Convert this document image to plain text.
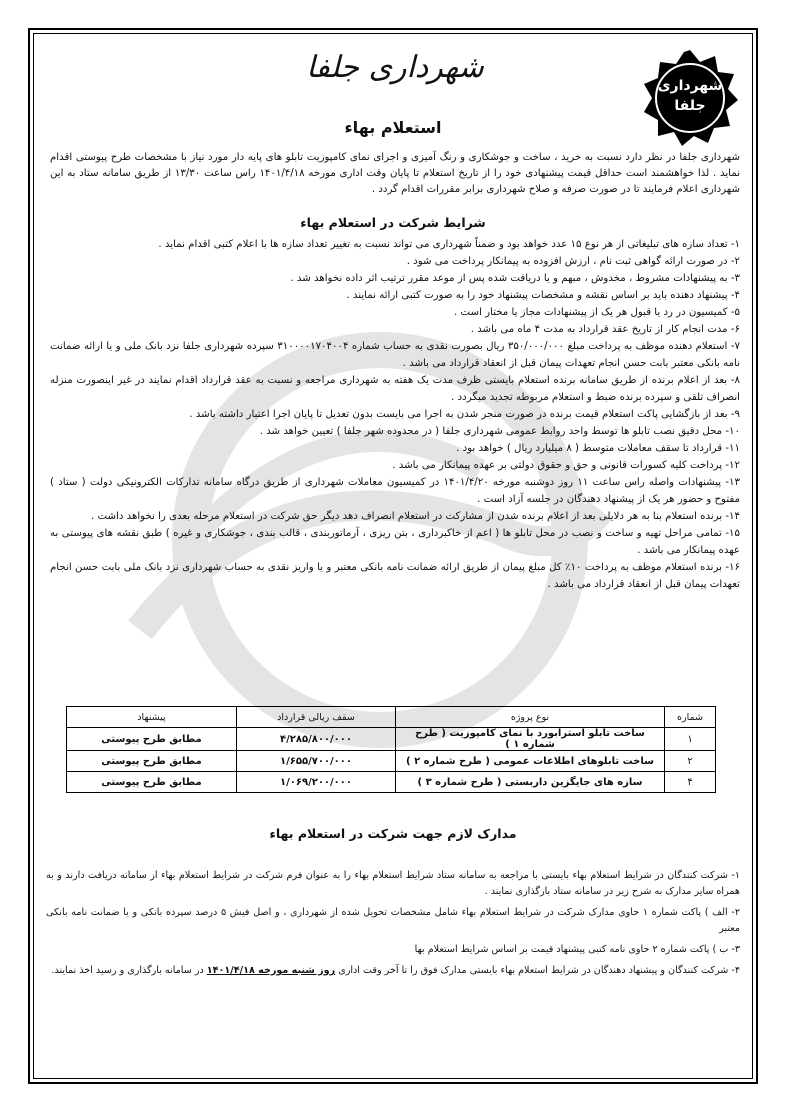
شهرداری
جلفا
شهرداری جلفا
استعلام بهاء
شهرداری جلفا در نظر دارد نسبت به خرید ، ساخت و جوشکاری و رنگ آمیزی و اجرای نمای کامپوزیت تابلو های پایه دار مورد نیاز با مشخصات طرح پیوستی اقدام نماید . لذا خواهشمند است حداقل قیمت پیشنهادی خود را از تاریخ استعلام تا پایان وقت اداری مورخه ۱۴۰۱/۴/۱۸ راس ساعت ۱۳/۳۰ از طریق سامانه ستاد به این شهرداری اعلام فرمایند تا در صورت صرفه و صلاح شهرداری برابر مقررات اقدام گردد .
شرایط شرکت در استعلام بهاء

۱- تعداد سازه های تبلیغاتی از هر نوع ۱۵ عدد خواهد بود و ضمناً شهرداری می تواند نسبت به تغییر تعداد سازه ها با اعلام کتبی اقدام نماید .

۲- در صورت ارائه گواهی ثبت نام ، ارزش افزوده به پیمانکار پرداخت می شود .

۳- به پیشنهادات مشروط ، مخدوش ، مبهم و یا دریافت شده پس از موعد مقرر ترتیب اثر داده نخواهد شد .

۴- پیشنهاد دهنده باید بر اساس نقشه و مشخصات پیشنهاد خود را به صورت کتبی ارائه نمایند .

۵- کمیسیون در رد یا قبول هر یک از پیشنهادات مجاز یا مختار است .

۶- مدت انجام کار از تاریخ عقد قرارداد به مدت ۴ ماه می باشد .

۷- استعلام دهنده موظف به پرداخت مبلغ ۳۵۰/۰۰۰/۰۰۰ ریال بصورت نقدی به حساب شماره ۳۱۰۰۰۰۱۷۰۴۰۰۴ سپرده شهرداری جلفا نزد بانک ملی و یا ارائه ضمانت نامه بانکی معتبر بابت حسن انجام تعهدات پیمان قبل از انعقاد قرارداد می باشد .

۸- بعد از اعلام برنده از طریق سامانه برنده استعلام بایستی ظرف مدت یک هفته به شهرداری مراجعه و نسبت به عقد قرارداد اقدام نمایند در غیر اینصورت منزله انصراف تلقی و سپرده برنده ضبط و استعلام مربوطه تجدید میگردد .

۹- بعد از بازگشایی پاکت استعلام قیمت برنده در صورت منجر شدن به اجرا می بایست بدون تعدیل تا پایان اجرا اعتبار داشته باشد .

۱۰- محل دقیق نصب تابلو ها توسط واحد روابط عمومی شهرداری جلفا ( در محدوده شهر جلفا ) تعیین خواهد شد .

۱۱- قرارداد تا سقف معاملات متوسط ( ۸ میلیارد ریال ) خواهد بود .

۱۲- پرداخت کلیه کسورات قانونی و حق و حقوق دولتی بر عهده پیمانکار می باشد .

۱۳- پیشنهادات واصله راس ساعت ۱۱ روز دوشنبه مورخه ۱۴۰۱/۴/۲۰ در کمیسیون معاملات شهرداری از طریق درگاه سامانه تدارکات الکترونیکی دولت ( ستاد ) مفتوح و حضور هر یک از پیشنهاد دهندگان در جلسه آزاد است .

۱۴- برنده استعلام بنا به هر دلایلی بعد از اعلام برنده شدن از مشارکت در استعلام انصراف دهد دیگر حق شرکت در استعلام مرحله بعدی را نخواهد داشت .

۱۵- تمامی مراحل تهیه و ساخت و نصب در محل تابلو ها ( اعم از خاکبرداری ، بتن ریزی ، آرماتوربندی ، قالب بندی ، جوشکاری و غیره ) طبق نقشه های پیوستی به عهده پیمانکار می باشد .

۱۶- برنده استعلام موظف به پرداخت ۱۰٪ کل مبلغ پیمان از طریق ارائه ضمانت نامه بانکی معتبر و یا واریز نقدی به حساب شهرداری نزد بانک ملی بابت حسن انجام تعهدات پیمان قبل از انعقاد قرارداد می باشد .

شماره	نوع پروژه	سقف ریالی قرارداد	پیشنهاد
۱	ساخت تابلو استرابورد با نمای کامپوزیت ( طرح شماره ۱ )	۴/۲۸۵/۸۰۰/۰۰۰	مطابق طرح پیوستی
۲	ساخت تابلوهای اطلاعات عمومی ( طرح شماره ۲ )	۱/۶۵۵/۷۰۰/۰۰۰	مطابق طرح پیوستی
۴	سازه های جایگزین داربستی ( طرح شماره ۳ )	۱/۰۶۹/۲۰۰/۰۰۰	مطابق طرح پیوستی
مدارک لازم جهت شرکت در استعلام بهاء

۱- شرکت کنندگان در شرایط استعلام بهاء بایستی با مراجعه به سامانه ستاد شرایط استعلام بهاء را به عنوان فرم شرکت در شرایط استعلام بهاء از سامانه دریافت دارند و به همراه سایر مدارک به شرح زیر در سامانه ستاد بارگذاری نمایند .

۲- الف ) پاکت شماره ۱ حاوی مدارک شرکت در شرایط استعلام بهاء شامل مشخصات تحویل شده از شهرداری ، و اصل فیش ۵ درصد سپرده بانکی و یا ضمانت نامه بانکی معتبر

۳- ب ) پاکت شماره ۲ حاوی نامه کتبی پیشنهاد قیمت بر اساس شرایط استعلام بها

۴- شرکت کنندگان و پیشنهاد دهندگان در شرایط استعلام بهاء بایستی مدارک فوق را تا آخر وقت اداری روز شنبه مورخه ۱۴۰۱/۴/۱۸ در سامانه بارگذاری و رسید اخذ نمایند.
